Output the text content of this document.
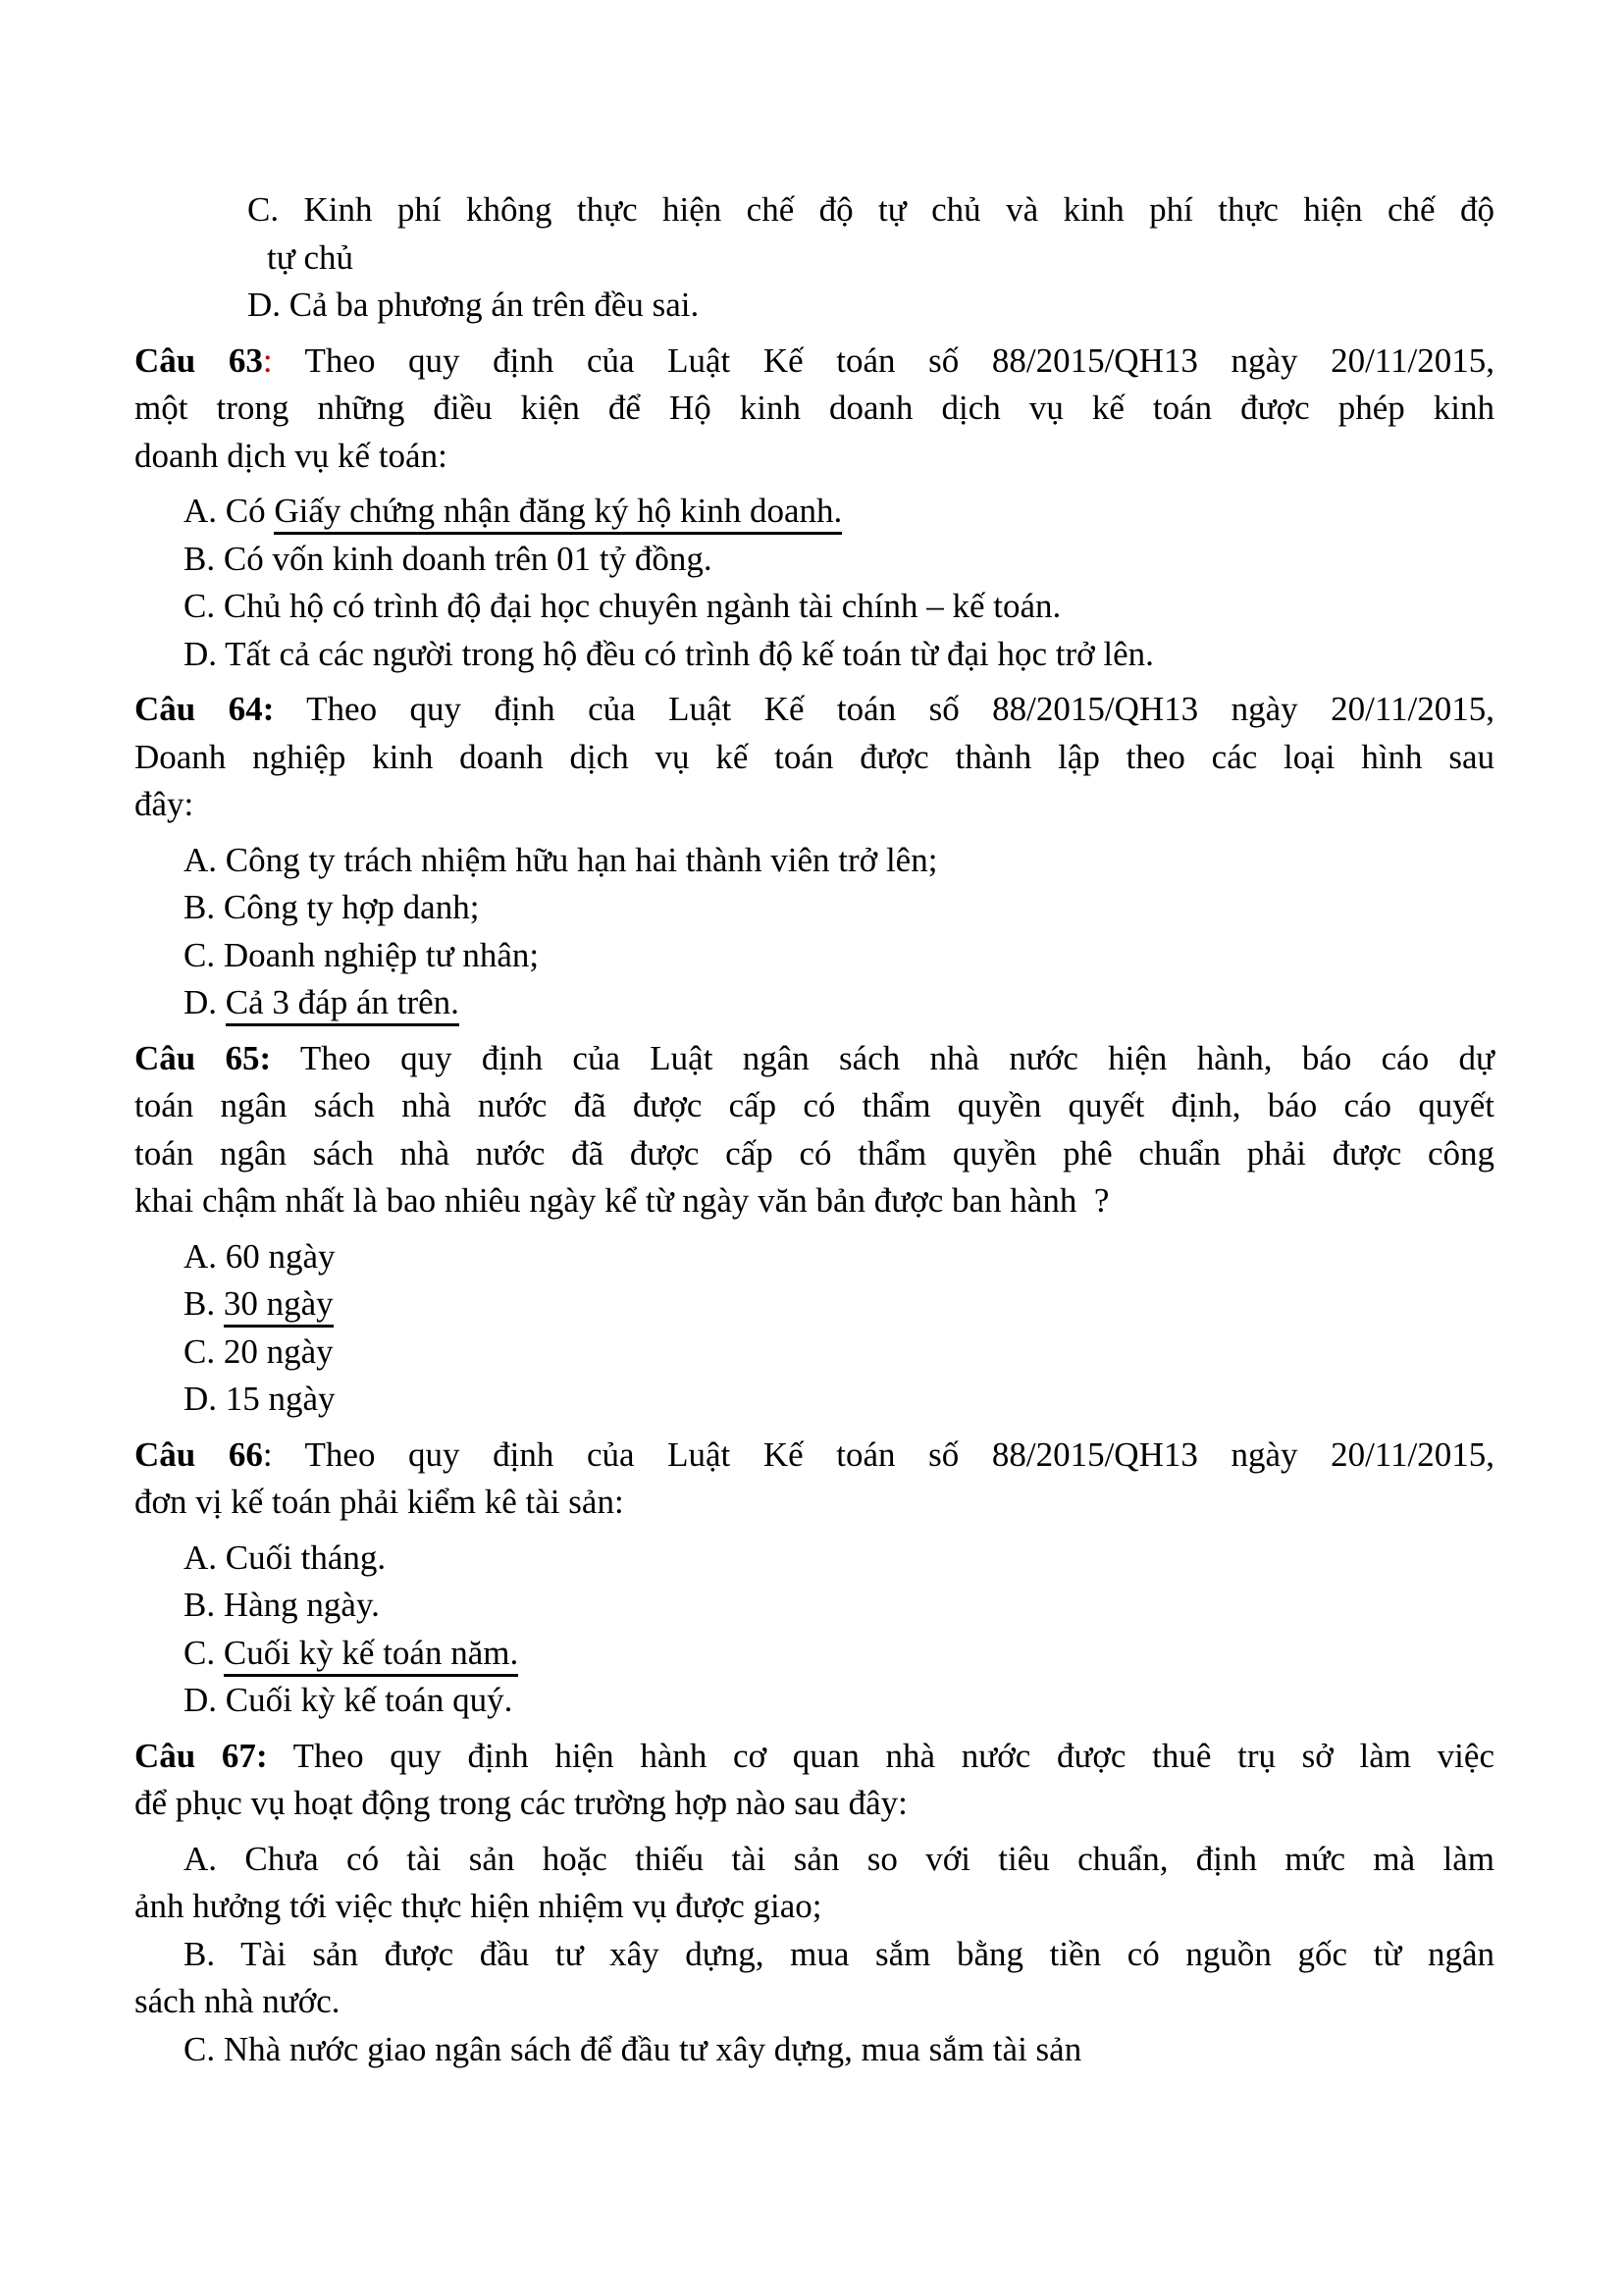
C. Kinh phí không thực hiện chế độ tự chủ và kinh phí thực hiện chế độ
tự chủ
D. Cả ba phương án trên đều sai.
Câu 63: Theo quy định của Luật Kế toán số 88/2015/QH13 ngày 20/11/2015,
một trong những điều kiện để Hộ kinh doanh dịch vụ kế toán được phép kinh
doanh dịch vụ kế toán:
A. Có Giấy chứng nhận đăng ký hộ kinh doanh.
B. Có vốn kinh doanh trên 01 tỷ đồng.
C. Chủ hộ có trình độ đại học chuyên ngành tài chính – kế toán.
D. Tất cả các người trong hộ đều có trình độ kế toán từ đại học trở lên.
Câu 64: Theo quy định của Luật Kế toán số 88/2015/QH13 ngày 20/11/2015,
Doanh nghiệp kinh doanh dịch vụ kế toán được thành lập theo các loại hình sau
đây:
A. Công ty trách nhiệm hữu hạn hai thành viên trở lên;
B. Công ty hợp danh;
C. Doanh nghiệp tư nhân;
D. Cả 3 đáp án trên.
Câu 65: Theo quy định của Luật ngân sách nhà nước hiện hành, báo cáo dự
toán ngân sách nhà nước đã được cấp có thẩm quyền quyết định, báo cáo quyết
toán ngân sách nhà nước đã được cấp có thẩm quyền phê chuẩn phải được công
khai chậm nhất là bao nhiêu ngày kể từ ngày văn bản được ban hành  ?
A. 60 ngày
B. 30 ngày
C. 20 ngày
D. 15 ngày
Câu 66: Theo quy định của Luật Kế toán số 88/2015/QH13 ngày 20/11/2015,
đơn vị kế toán phải kiểm kê tài sản:
A. Cuối tháng.
B. Hàng ngày.
C. Cuối kỳ kế toán năm.
D. Cuối kỳ kế toán quý.
Câu 67: Theo quy định hiện hành cơ quan nhà nước được thuê trụ sở làm việc
để phục vụ hoạt động trong các trường hợp nào sau đây:
A. Chưa có tài sản hoặc thiếu tài sản so với tiêu chuẩn, định mức mà làm
ảnh hưởng tới việc thực hiện nhiệm vụ được giao;
B. Tài sản được đầu tư xây dựng, mua sắm bằng tiền có nguồn gốc từ ngân
sách nhà nước.
C. Nhà nước giao ngân sách để đầu tư xây dựng, mua sắm tài sản
